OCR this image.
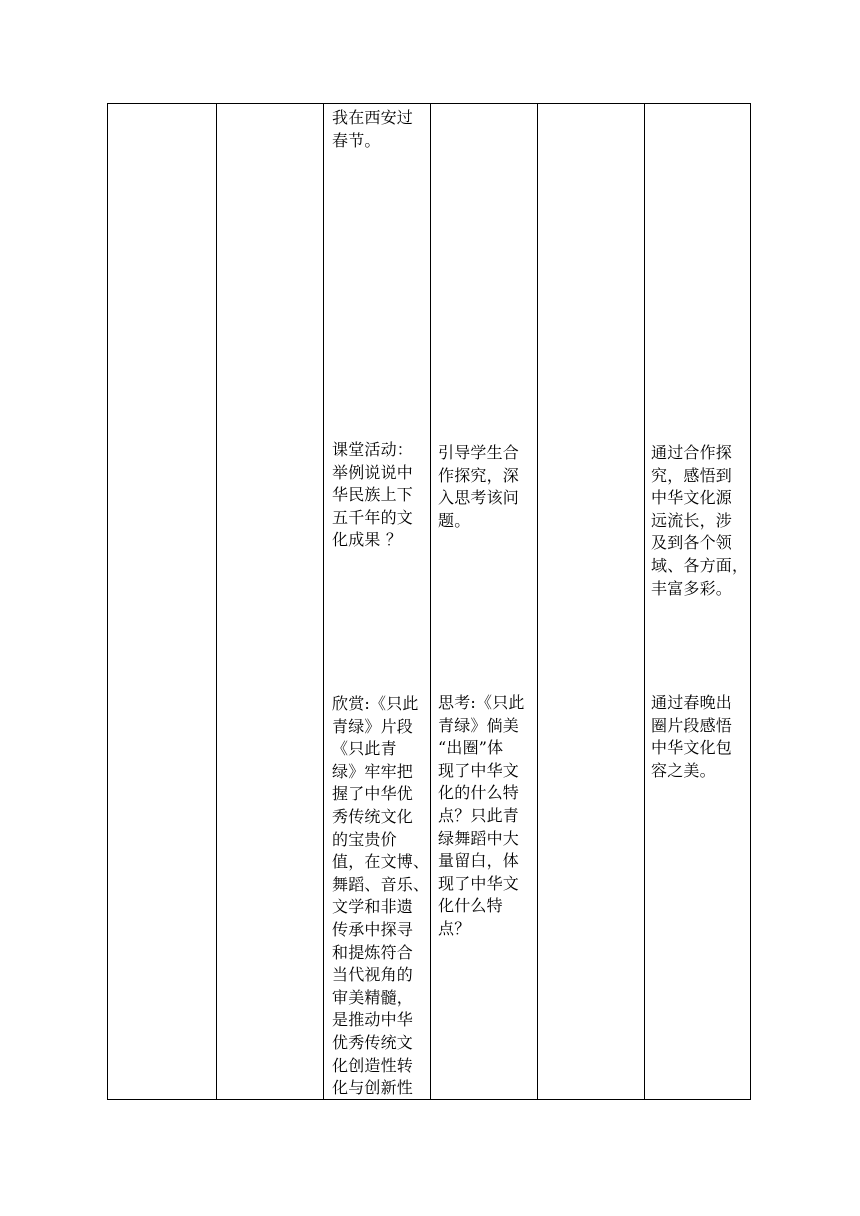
我在西安过
春节。
课堂活动：
举例说说中
华民族上下
五千年的文
化成果 ？
欣赏:《只此
青绿》片段
《只此青
绿》牢牢把
握了中华优
秀传统文化
的宝贵价
值，在文博、
舞蹈、音乐、
文学和非遗
传承中探寻
和提炼符合
当代视角的
审美精髓，
是推动中华
优秀传统文
化创造性转
化与创新性
引导学生合
作探究，深
入思考该问
题。
思考:《只此
青绿》倘美
“出圈”体
现了中华文
化的什么特
点？只此青
绿舞蹈中大
量留白，体
现了中华文
化什么特
点？
通过合作探
究，感悟到
中华文化源
远流长，涉
及到各个领
域、各方面，
丰富多彩。
通过春晚出
圈片段感悟
中华文化包
容之美。
